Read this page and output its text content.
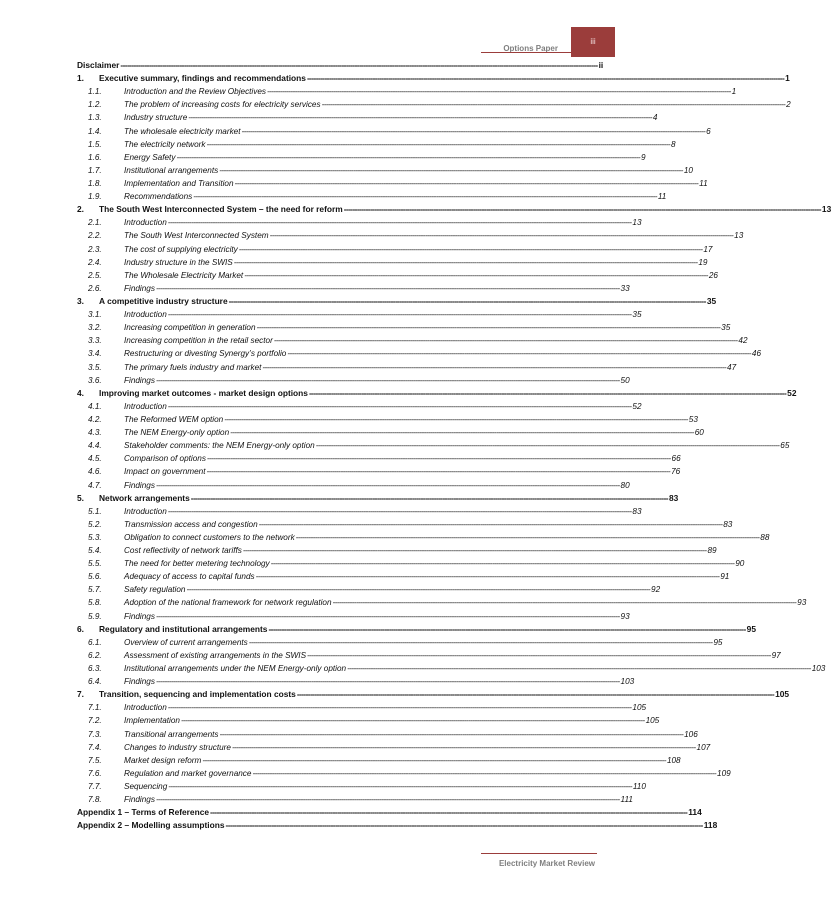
Options Paper
iii
Disclaimer -------------------------------------------------------------------------------------------------------------------------------------------------------------------------------------------------------------------------- ii
1. Executive summary, findings and recommendations -------------------------------------------------------------------------------------------------------------------------------------------------------------------------------------------------------------------------- 1
1.1.	Introduction and the Review Objectives -------------------------------------------------------------------------------------------------------------------------------------------------------------------------------------------------------------------------- 1
1.2.	The problem of increasing costs for electricity services -------------------------------------------------------------------------------------------------------------------------------------------------------------------------------------------------------------------------- 2
1.3.	Industry structure -------------------------------------------------------------------------------------------------------------------------------------------------------------------------------------------------------------------------- 4
1.4.	The wholesale electricity market -------------------------------------------------------------------------------------------------------------------------------------------------------------------------------------------------------------------------- 6
1.5.	The electricity network -------------------------------------------------------------------------------------------------------------------------------------------------------------------------------------------------------------------------- 8
1.6.	Energy Safety -------------------------------------------------------------------------------------------------------------------------------------------------------------------------------------------------------------------------- 9
1.7.	Institutional arrangements -------------------------------------------------------------------------------------------------------------------------------------------------------------------------------------------------------------------------- 10
1.8.	Implementation and Transition -------------------------------------------------------------------------------------------------------------------------------------------------------------------------------------------------------------------------- 11
1.9.	Recommendations -------------------------------------------------------------------------------------------------------------------------------------------------------------------------------------------------------------------------- 11
2. The South West Interconnected System – the need for reform -------------------------------------------------------------------------------------------------------------------------------------------------------------------------------------------------------------------------- 13
2.1.	Introduction -------------------------------------------------------------------------------------------------------------------------------------------------------------------------------------------------------------------------- 13
2.2.	The South West Interconnected System -------------------------------------------------------------------------------------------------------------------------------------------------------------------------------------------------------------------------- 13
2.3.	The cost of supplying electricity -------------------------------------------------------------------------------------------------------------------------------------------------------------------------------------------------------------------------- 17
2.4.	Industry structure in the SWIS -------------------------------------------------------------------------------------------------------------------------------------------------------------------------------------------------------------------------- 19
2.5.	The Wholesale Electricity Market -------------------------------------------------------------------------------------------------------------------------------------------------------------------------------------------------------------------------- 26
2.6.	Findings -------------------------------------------------------------------------------------------------------------------------------------------------------------------------------------------------------------------------- 33
3. A competitive industry structure -------------------------------------------------------------------------------------------------------------------------------------------------------------------------------------------------------------------------- 35
3.1.	Introduction -------------------------------------------------------------------------------------------------------------------------------------------------------------------------------------------------------------------------- 35
3.2.	Increasing competition in generation -------------------------------------------------------------------------------------------------------------------------------------------------------------------------------------------------------------------------- 35
3.3.	Increasing competition in the retail sector -------------------------------------------------------------------------------------------------------------------------------------------------------------------------------------------------------------------------- 42
3.4.	Restructuring or divesting Synergy’s portfolio -------------------------------------------------------------------------------------------------------------------------------------------------------------------------------------------------------------------------- 46
3.5.	The primary fuels industry and market -------------------------------------------------------------------------------------------------------------------------------------------------------------------------------------------------------------------------- 47
3.6.	Findings -------------------------------------------------------------------------------------------------------------------------------------------------------------------------------------------------------------------------- 50
4. Improving market outcomes - market design options -------------------------------------------------------------------------------------------------------------------------------------------------------------------------------------------------------------------------- 52
4.1.	Introduction -------------------------------------------------------------------------------------------------------------------------------------------------------------------------------------------------------------------------- 52
4.2.	The Reformed WEM option -------------------------------------------------------------------------------------------------------------------------------------------------------------------------------------------------------------------------- 53
4.3.	The NEM Energy-only option -------------------------------------------------------------------------------------------------------------------------------------------------------------------------------------------------------------------------- 60
4.4.	Stakeholder comments: the NEM Energy-only option -------------------------------------------------------------------------------------------------------------------------------------------------------------------------------------------------------------------------- 65
4.5.	Comparison of options -------------------------------------------------------------------------------------------------------------------------------------------------------------------------------------------------------------------------- 66
4.6.	Impact on government -------------------------------------------------------------------------------------------------------------------------------------------------------------------------------------------------------------------------- 76
4.7.	Findings -------------------------------------------------------------------------------------------------------------------------------------------------------------------------------------------------------------------------- 80
5. Network arrangements -------------------------------------------------------------------------------------------------------------------------------------------------------------------------------------------------------------------------- 83
5.1.	Introduction -------------------------------------------------------------------------------------------------------------------------------------------------------------------------------------------------------------------------- 83
5.2.	Transmission access and congestion -------------------------------------------------------------------------------------------------------------------------------------------------------------------------------------------------------------------------- 83
5.3.	Obligation to connect customers to the network -------------------------------------------------------------------------------------------------------------------------------------------------------------------------------------------------------------------------- 88
5.4.	Cost reflectivity of network tariffs -------------------------------------------------------------------------------------------------------------------------------------------------------------------------------------------------------------------------- 89
5.5.	The need for better metering technology -------------------------------------------------------------------------------------------------------------------------------------------------------------------------------------------------------------------------- 90
5.6.	Adequacy of access to capital funds -------------------------------------------------------------------------------------------------------------------------------------------------------------------------------------------------------------------------- 91
5.7.	Safety regulation -------------------------------------------------------------------------------------------------------------------------------------------------------------------------------------------------------------------------- 92
5.8.	Adoption of the national framework for network regulation -------------------------------------------------------------------------------------------------------------------------------------------------------------------------------------------------------------------------- 93
5.9.	Findings -------------------------------------------------------------------------------------------------------------------------------------------------------------------------------------------------------------------------- 93
6. Regulatory and institutional arrangements -------------------------------------------------------------------------------------------------------------------------------------------------------------------------------------------------------------------------- 95
6.1.	Overview of current arrangements -------------------------------------------------------------------------------------------------------------------------------------------------------------------------------------------------------------------------- 95
6.2.	Assessment of existing arrangements in the SWIS -------------------------------------------------------------------------------------------------------------------------------------------------------------------------------------------------------------------------- 97
6.3.	Institutional arrangements under the NEM Energy-only option -------------------------------------------------------------------------------------------------------------------------------------------------------------------------------------------------------------------------- 103
6.4.	Findings -------------------------------------------------------------------------------------------------------------------------------------------------------------------------------------------------------------------------- 103
7. Transition, sequencing and implementation costs -------------------------------------------------------------------------------------------------------------------------------------------------------------------------------------------------------------------------- 105
7.1.	Introduction -------------------------------------------------------------------------------------------------------------------------------------------------------------------------------------------------------------------------- 105
7.2.	Implementation -------------------------------------------------------------------------------------------------------------------------------------------------------------------------------------------------------------------------- 105
7.3.	Transitional arrangements -------------------------------------------------------------------------------------------------------------------------------------------------------------------------------------------------------------------------- 106
7.4.	Changes to industry structure -------------------------------------------------------------------------------------------------------------------------------------------------------------------------------------------------------------------------- 107
7.5.	Market design reform -------------------------------------------------------------------------------------------------------------------------------------------------------------------------------------------------------------------------- 108
7.6.	Regulation and market governance -------------------------------------------------------------------------------------------------------------------------------------------------------------------------------------------------------------------------- 109
7.7.	Sequencing -------------------------------------------------------------------------------------------------------------------------------------------------------------------------------------------------------------------------- 110
7.8.	Findings -------------------------------------------------------------------------------------------------------------------------------------------------------------------------------------------------------------------------- 111
Appendix 1 – Terms of Reference -------------------------------------------------------------------------------------------------------------------------------------------------------------------------------------------------------------------------- 114
Appendix 2 – Modelling assumptions -------------------------------------------------------------------------------------------------------------------------------------------------------------------------------------------------------------------------- 118
Electricity Market Review
